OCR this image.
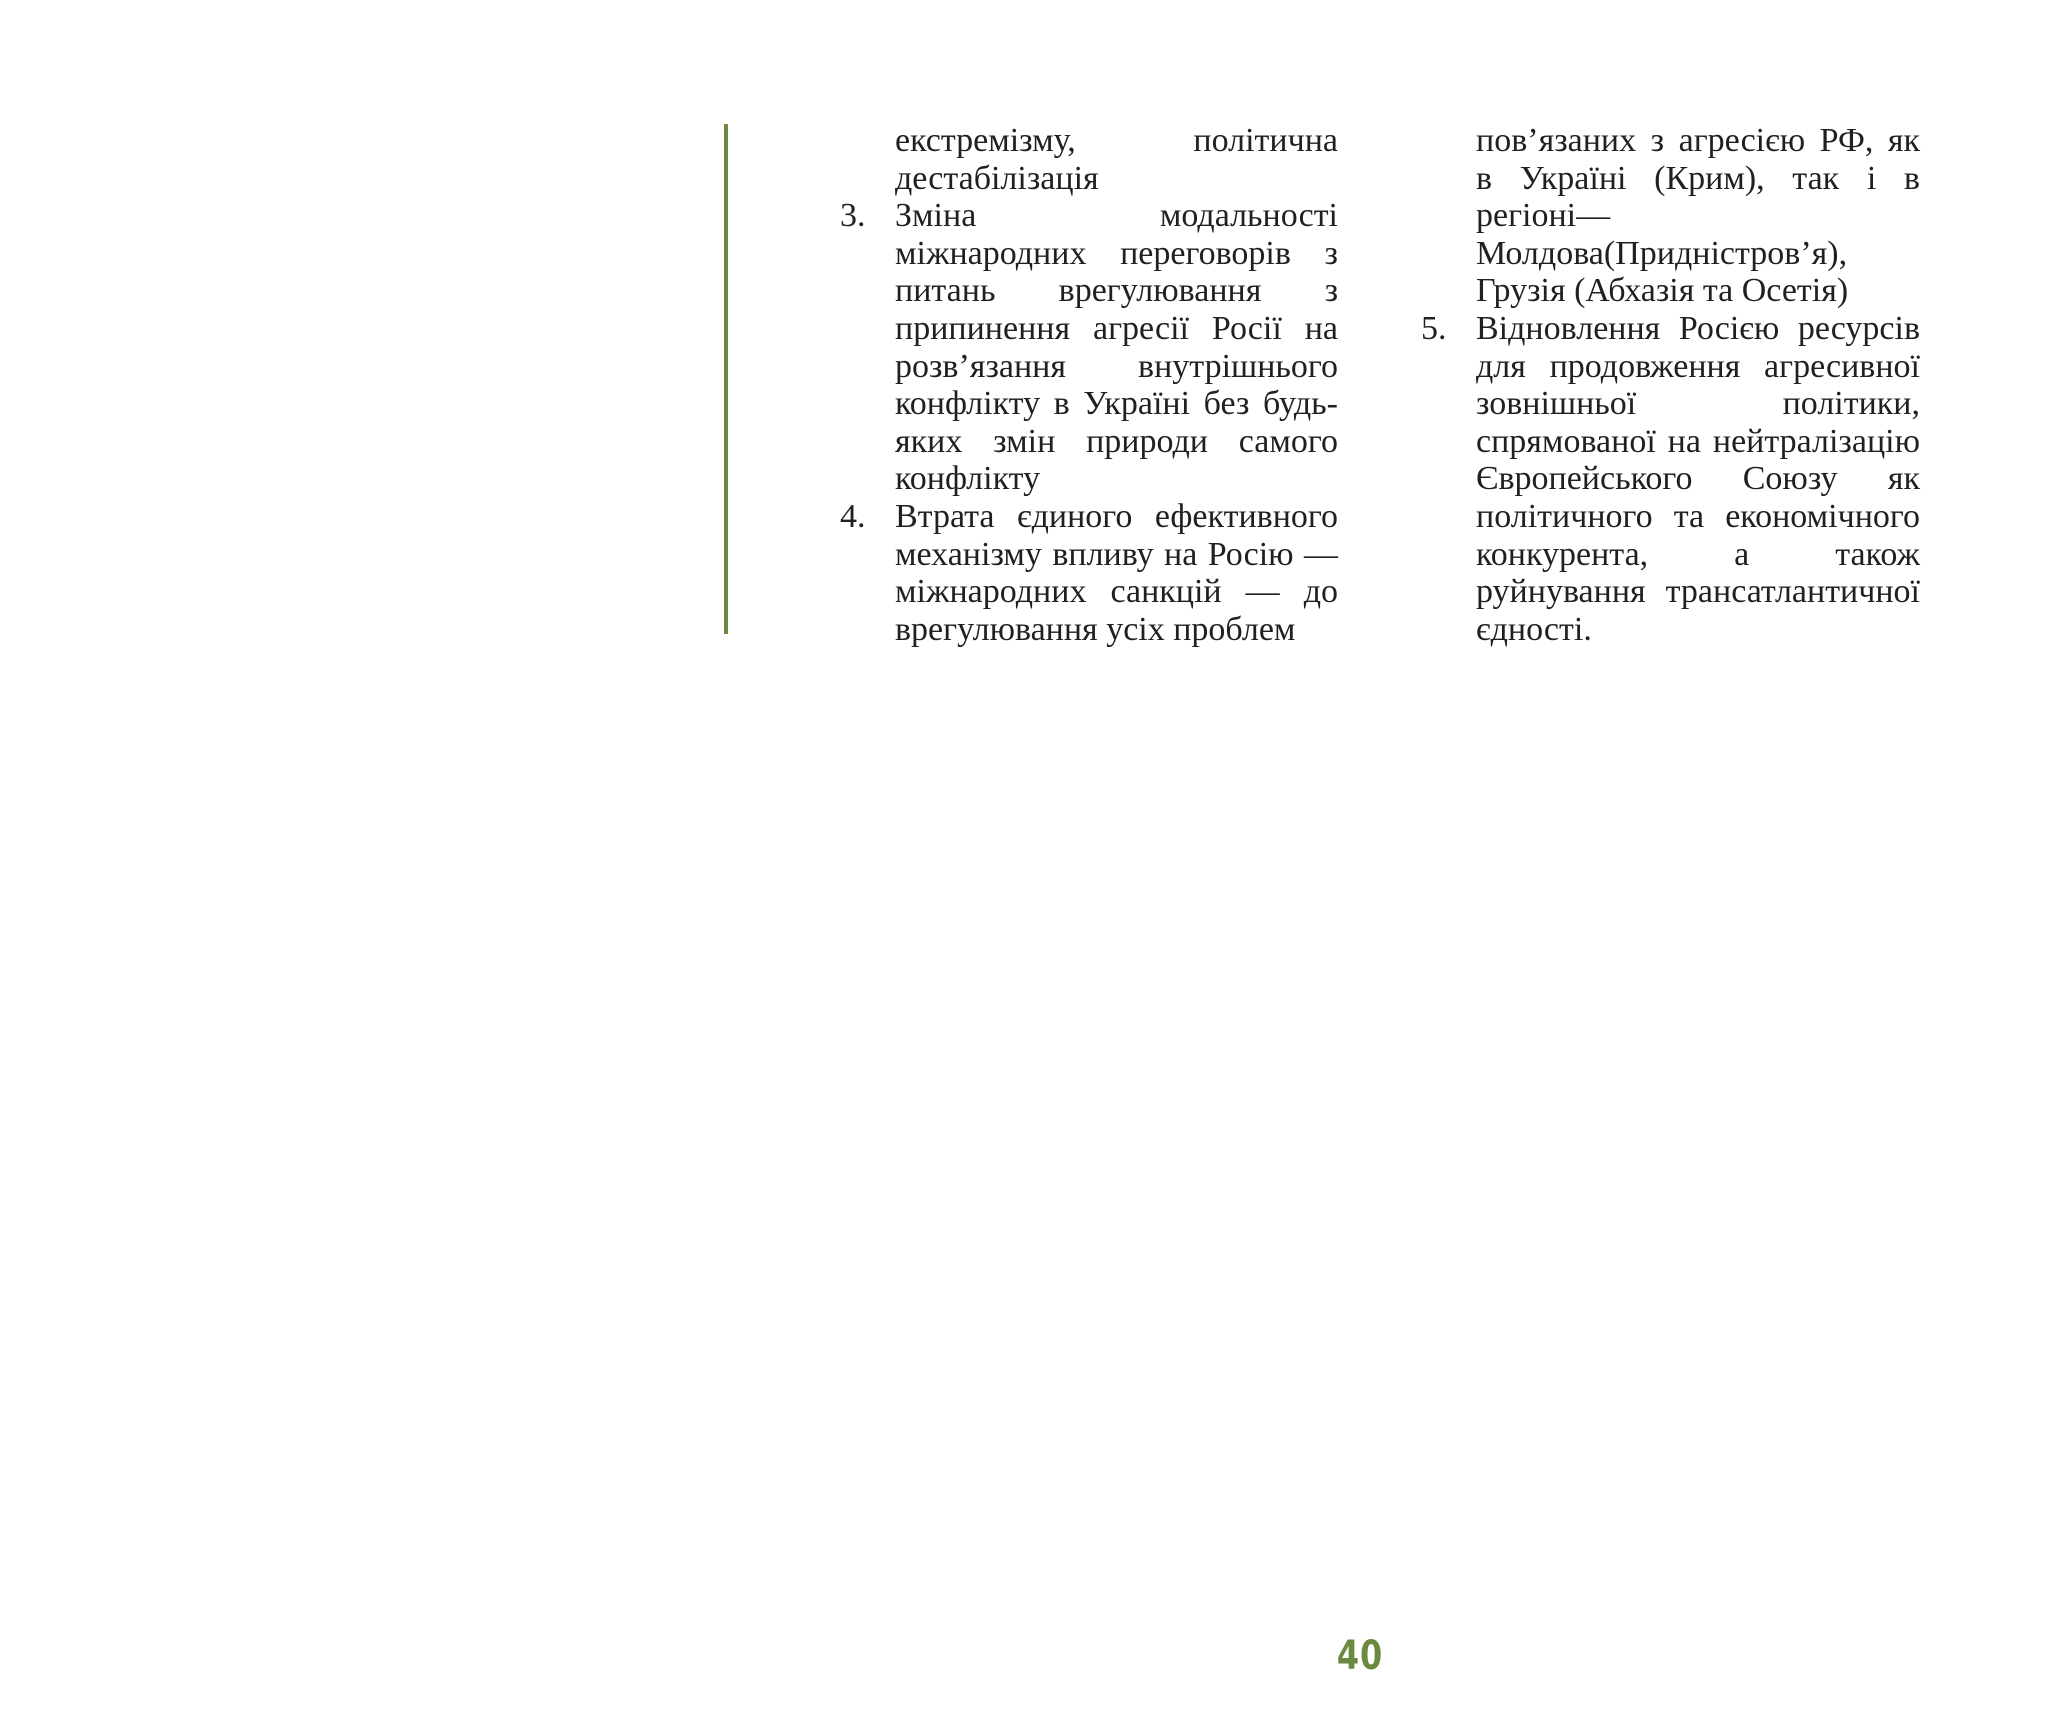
екстремізму, політична дестабілізація
3. Зміна модальності міжнародних переговорів з питань врегулювання з припинення агресії Росії на розв’язання внутрішнього конфлікту в Україні без будь-яких змін природи самого конфлікту
4. Втрата єдиного ефективного механізму впливу на Росію — міжнародних санкцій — до врегулювання усіх проблем
пов’язаних з агресією РФ, як в Україні (Крим), так і в регіоні—Молдова(Придністров’я), Грузія (Абхазія та Осетія)
5. Відновлення Росією ресурсів для продовження агресивної зовнішньої політики, спрямованої на нейтралізацію Європейського Союзу як політичного та економічного конкурента, а також руйнування трансатлантичної єдності.
40
